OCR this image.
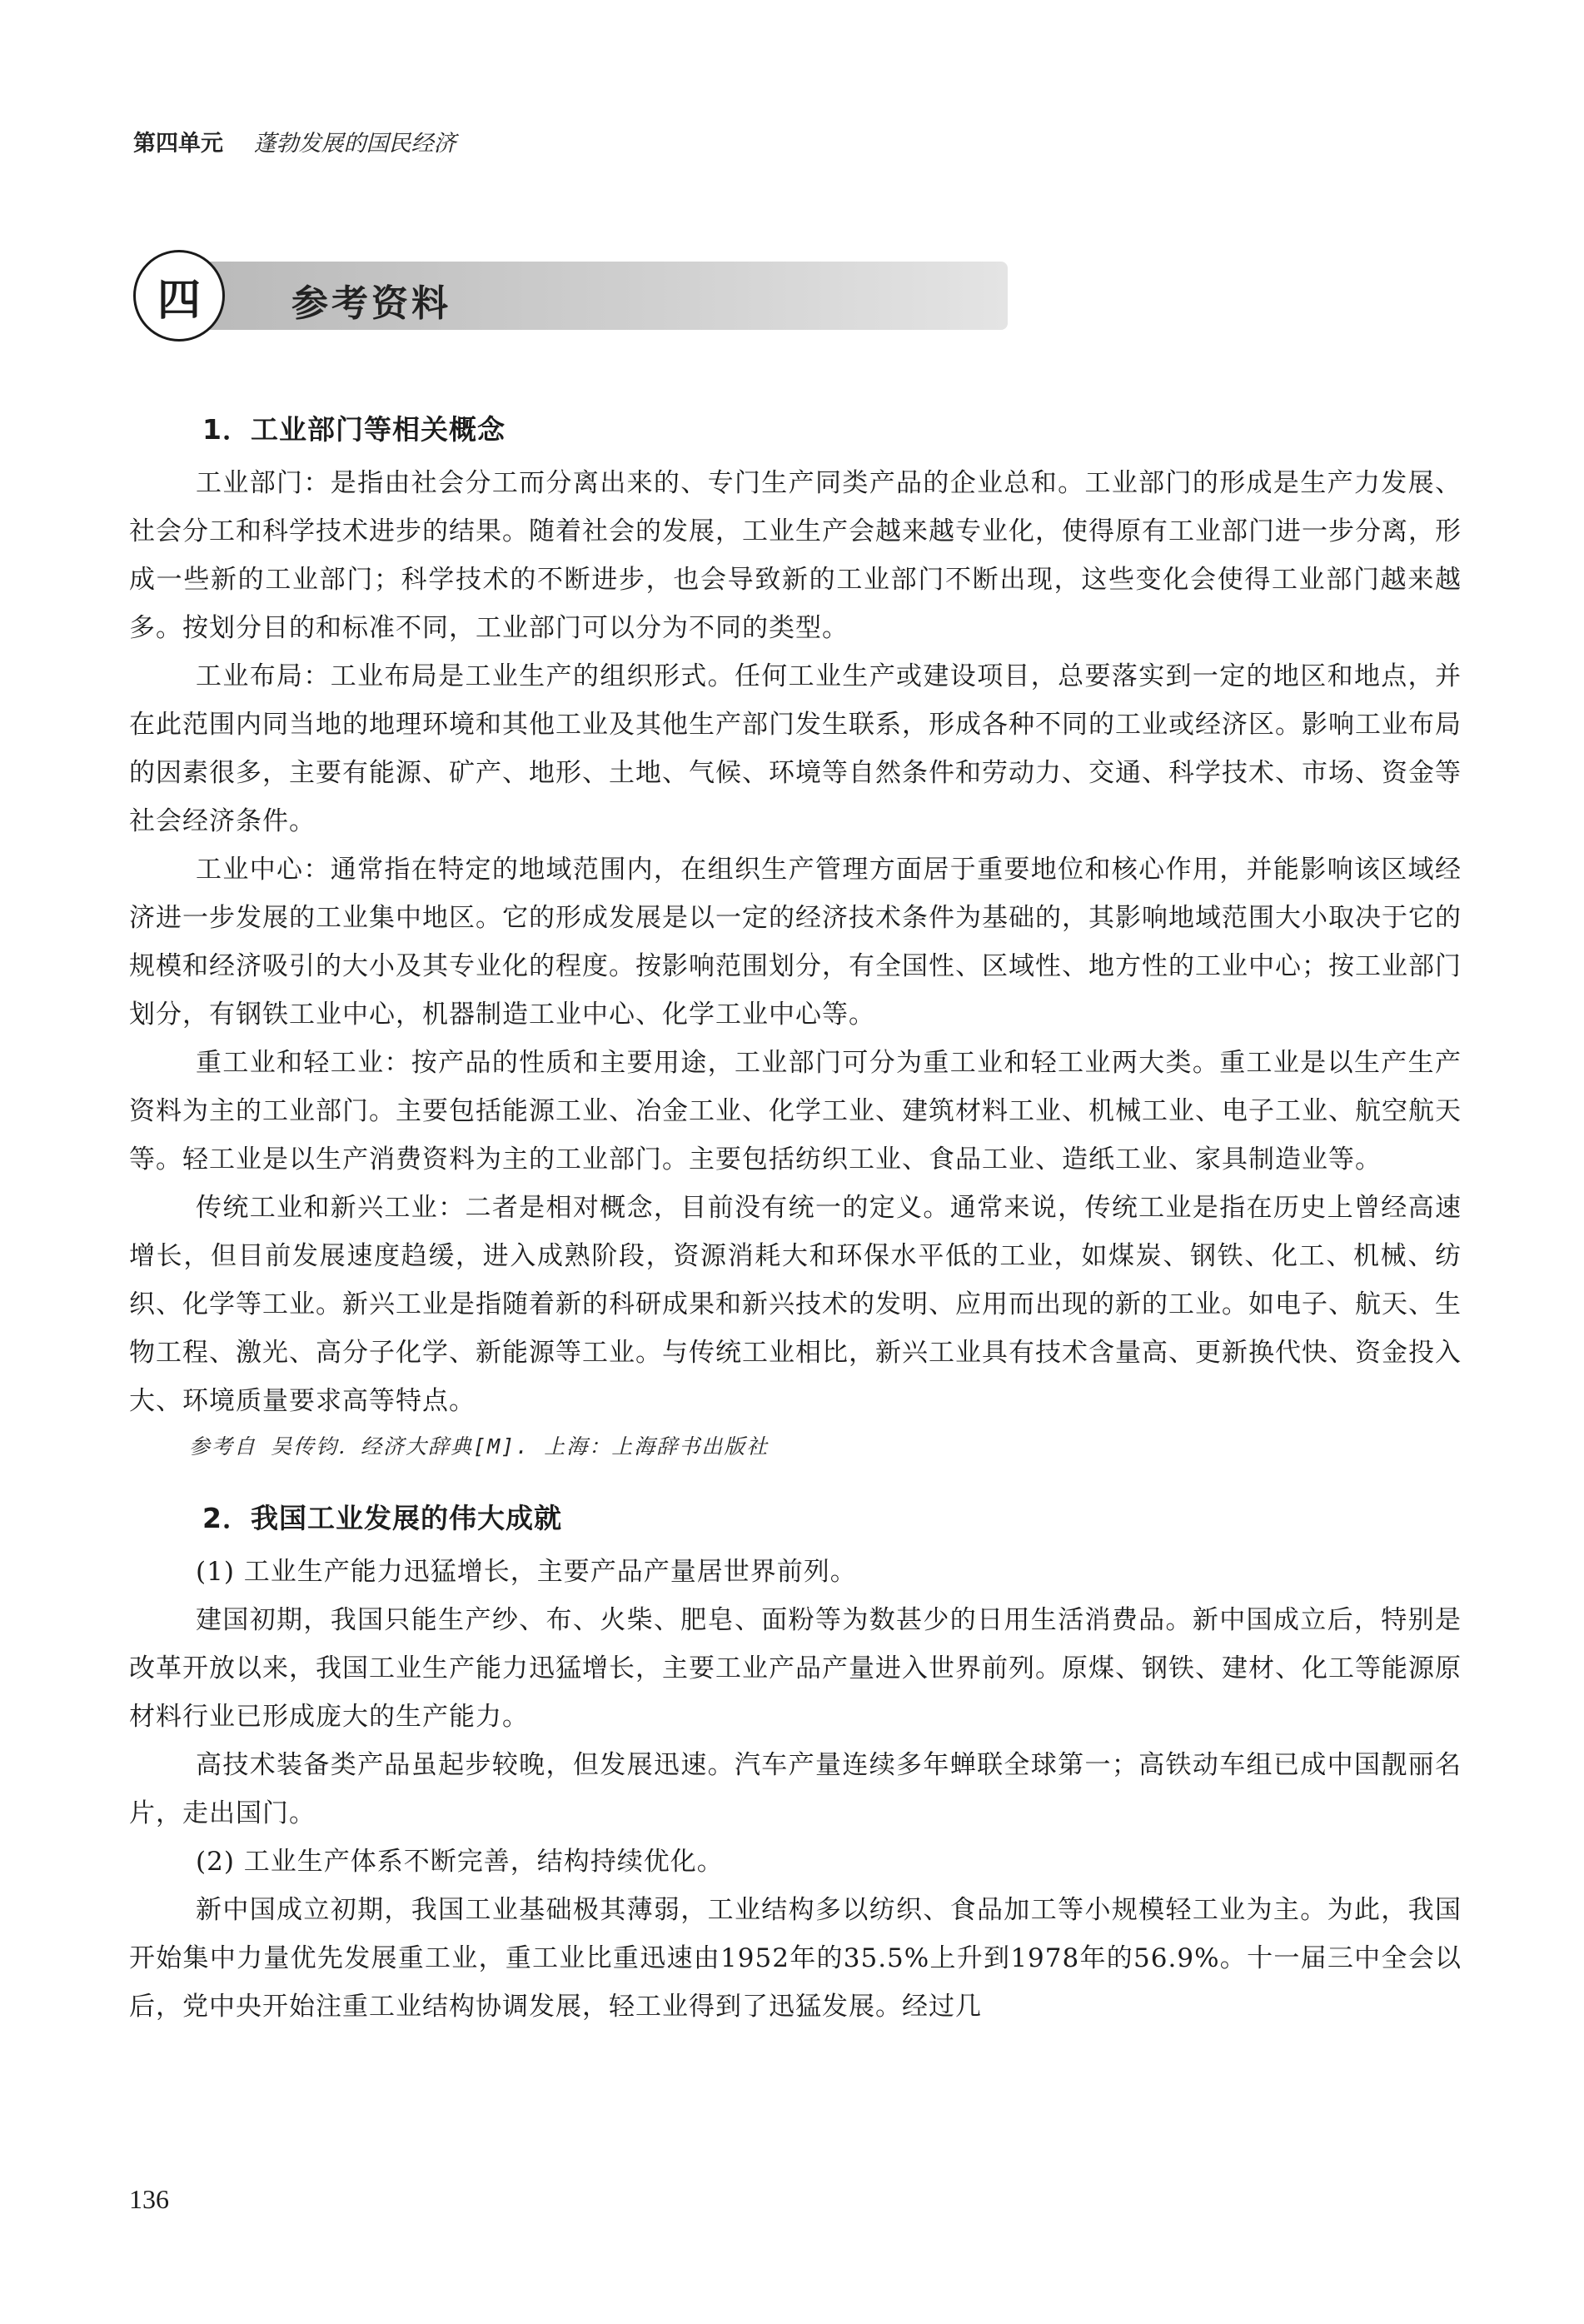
第四单元 蓬勃发展的国民经济
四	参考资料
1．工业部门等相关概念

工业部门：是指由社会分工而分离出来的、专门生产同类产品的企业总和。工业部门的形成是生产力发展、社会分工和科学技术进步的结果。随着社会的发展，工业生产会越来越专业化，使得原有工业部门进一步分离，形成一些新的工业部门；科学技术的不断进步，也会导致新的工业部门不断出现，这些变化会使得工业部门越来越多。按划分目的和标准不同，工业部门可以分为不同的类型。

工业布局：工业布局是工业生产的组织形式。任何工业生产或建设项目，总要落实到一定的地区和地点，并在此范围内同当地的地理环境和其他工业及其他生产部门发生联系，形成各种不同的工业或经济区。影响工业布局的因素很多，主要有能源、矿产、地形、土地、气候、环境等自然条件和劳动力、交通、科学技术、市场、资金等社会经济条件。

工业中心：通常指在特定的地域范围内，在组织生产管理方面居于重要地位和核心作用，并能影响该区域经济进一步发展的工业集中地区。它的形成发展是以一定的经济技术条件为基础的，其影响地域范围大小取决于它的规模和经济吸引的大小及其专业化的程度。按影响范围划分，有全国性、区域性、地方性的工业中心；按工业部门划分，有钢铁工业中心，机器制造工业中心、化学工业中心等。

重工业和轻工业：按产品的性质和主要用途，工业部门可分为重工业和轻工业两大类。重工业是以生产生产资料为主的工业部门。主要包括能源工业、冶金工业、化学工业、建筑材料工业、机械工业、电子工业、航空航天等。轻工业是以生产消费资料为主的工业部门。主要包括纺织工业、食品工业、造纸工业、家具制造业等。

传统工业和新兴工业：二者是相对概念，目前没有统一的定义。通常来说，传统工业是指在历史上曾经高速增长，但目前发展速度趋缓，进入成熟阶段，资源消耗大和环保水平低的工业，如煤炭、钢铁、化工、机械、纺织、化学等工业。新兴工业是指随着新的科研成果和新兴技术的发明、应用而出现的新的工业。如电子、航天、生物工程、激光、高分子化学、新能源等工业。与传统工业相比，新兴工业具有技术含量高、更新换代快、资金投入大、环境质量要求高等特点。

参考自 吴传钧．经济大辞典[M]. 上海：上海辞书出版社
2．我国工业发展的伟大成就

(1) 工业生产能力迅猛增长，主要产品产量居世界前列。

建国初期，我国只能生产纱、布、火柴、肥皂、面粉等为数甚少的日用生活消费品。新中国成立后，特别是改革开放以来，我国工业生产能力迅猛增长，主要工业产品产量进入世界前列。原煤、钢铁、建材、化工等能源原材料行业已形成庞大的生产能力。

高技术装备类产品虽起步较晚，但发展迅速。汽车产量连续多年蝉联全球第一；高铁动车组已成中国靓丽名片，走出国门。

(2) 工业生产体系不断完善，结构持续优化。

新中国成立初期，我国工业基础极其薄弱，工业结构多以纺织、食品加工等小规模轻工业为主。为此，我国开始集中力量优先发展重工业，重工业比重迅速由1952年的35.5%上升到1978年的56.9%。十一届三中全会以后，党中央开始注重工业结构协调发展，轻工业得到了迅猛发展。经过几

136
